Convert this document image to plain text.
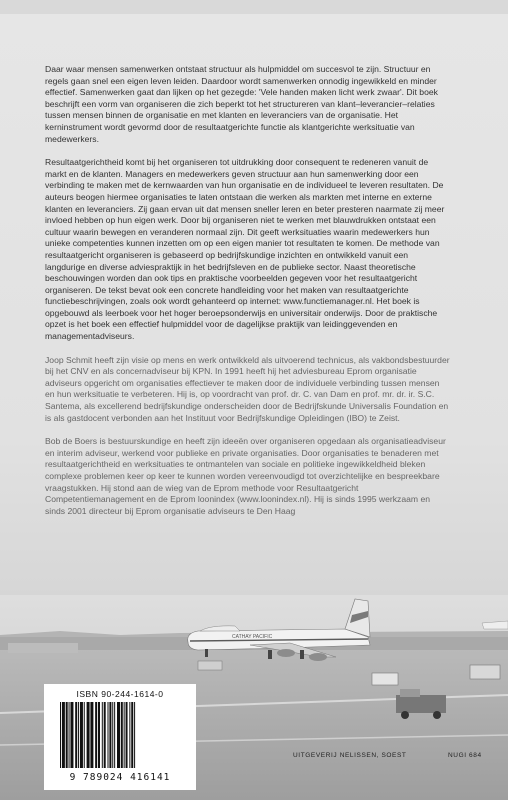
Daar waar mensen samenwerken ontstaat structuur als hulpmiddel om succesvol te zijn. Structuur en regels gaan snel een eigen leven leiden. Daardoor wordt samenwerken onnodig ingewikkeld en minder effectief. Samenwerken gaat dan lijken op het gezegde: 'Vele handen maken licht werk zwaar'. Dit boek beschrijft een vorm van organiseren die zich beperkt tot het structureren van klant–leverancier–relaties tussen mensen binnen de organisatie en met klanten en leveranciers van de organisatie. Het kerninstrument wordt gevormd door de resultaatgerichte functie als klantgerichte werksituatie van medewerkers.

Resultaatgerichtheid komt bij het organiseren tot uitdrukking door consequent te redeneren vanuit de markt en de klanten. Managers en medewerkers geven structuur aan hun samenwerking door een verbinding te maken met de kernwaarden van hun organisatie en de individueel te leveren resultaten. De auteurs beogen hiermee organisaties te laten ontstaan die werken als markten met interne en externe klanten en leveranciers. Zij gaan ervan uit dat mensen sneller leren en beter presteren naarmate zij meer invloed hebben op hun eigen werk. Door bij organiseren niet te werken met blauwdrukken ontstaat een cultuur waarin bewegen en veranderen normaal zijn. Dit geeft werksituaties waarin medewerkers hun unieke competenties kunnen inzetten om op een eigen manier tot resultaten te komen. De methode van resultaatgericht organiseren is gebaseerd op bedrijfskundige inzichten en ontwikkeld vanuit een langdurige en diverse adviespraktijk in het bedrijfsleven en de publieke sector. Naast theoretische beschouwingen worden dan ook tips en praktische voorbeelden gegeven voor het resultaatgericht organiseren. De tekst bevat ook een concrete handleiding voor het maken van resultaatgerichte functiebeschrijvingen, zoals ook wordt gehanteerd op internet: www.functiemanager.nl. Het boek is opgebouwd als leerboek voor het hoger beroepsonderwijs en universitair onderwijs. Door de praktische opzet is het boek een effectief hulpmiddel voor de dagelijkse praktijk van leidinggevenden en managementadviseurs.

Joop Schmit heeft zijn visie op mens en werk ontwikkeld als uitvoerend technicus, als vakbondsbestuurder bij het CNV en als concernadviseur bij KPN. In 1991 heeft hij het adviesbureau Eprom organisatie adviseurs opgericht om organisaties effectiever te maken door de individuele verbinding tussen mensen en hun werksituatie te verbeteren. Hij is, op voordracht van prof. dr. C. van Dam en prof. mr. dr. ir. S.C. Santema, als excellerend bedrijfskundige onderscheiden door de Bedrijfskunde Universalis Foundation en is als gastdocent verbonden aan het Instituut voor Bedrijfskundige Opleidingen (IBO) te Zeist.

Bob de Boers is bestuurskundige en heeft zijn ideeën over organiseren opgedaan als organisatieadviseur en interim adviseur, werkend voor publieke en private organisaties. Door organisaties te benaderen met resultaatgerichtheid en werksituaties te ontmantelen van sociale en politieke ingewikkeldheid bleken complexe problemen keer op keer te kunnen worden vereenvoudigd tot overzichtelijke en bespreekbare vraagstukken. Hij stond aan de wieg van de Eprom methode voor Resultaatgericht Competentiemanagement en de Eprom loonindex (www.loonindex.nl). Hij is sinds 1995 werkzaam en sinds 2001 directeur bij Eprom organisatie adviseurs te Den Haag

CATHAY PACIFIC
ISBN 90-244-1614-0
9 789024 416141
UITGEVERIJ NELISSEN, SOEST	NUGI 684
